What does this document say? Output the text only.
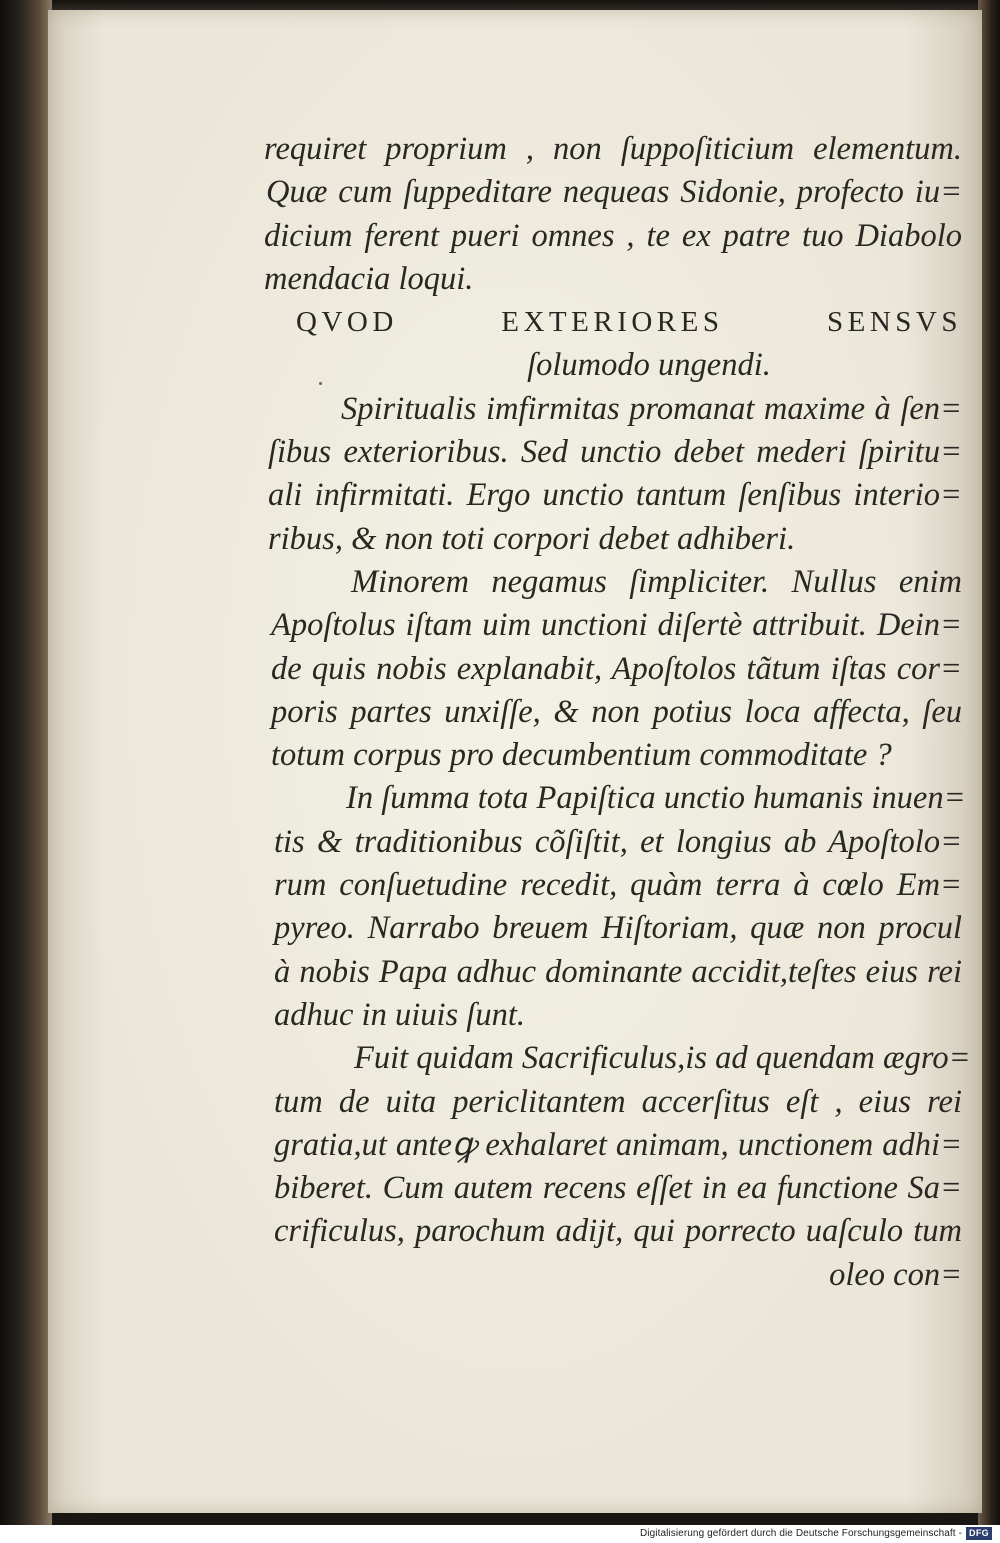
requiret proprium , non ſuppoſiticium elementum.
Quæ cum ſuppeditare nequeas Sidonie, profecto iu=
dicium ferent pueri omnes , te ex patre tuo Diabolo
mendacia loqui.
QVOD EXTERIORES SENSVS
ſolumodo ungendi.
Spiritualis imfirmitas promanat maxime à ſen=
ſibus exterioribus. Sed unctio debet mederi ſpiritu=
ali infirmitati. Ergo unctio tantum ſenſibus interio=
ribus, & non toti corpori debet adhiberi.
Minorem negamus ſimpliciter. Nullus enim
Apoſtolus iſtam uim unctioni diſertè attribuit. Dein=
de quis nobis explanabit, Apoſtolos tãtum iſtas cor=
poris partes unxiſſe, & non potius loca affecta, ſeu
totum corpus pro decumbentium commoditate ?
In ſumma tota Papiſtica unctio humanis inuen=
tis & traditionibus cõſiſtit, et longius ab Apoſtolo=
rum conſuetudine recedit, quàm terra à cœlo Em=
pyreo. Narrabo breuem Hiſtoriam, quæ non procul
à nobis Papa adhuc dominante accidit,teſtes eius rei
adhuc in uiuis ſunt.
Fuit quidam Sacrificulus,is ad quendam ægro=
tum de uita periclitantem accerſitus eſt , eius rei
gratia,ut anteꝙ exhalaret animam, unctionem adhi=
biberet. Cum autem recens eſſet in ea functione Sa=
crificulus, parochum adijt, qui porrecto uaſculo tum
oleo con=
Digitalisierung gefördert durch die Deutsche Forschungsgemeinschaft - DFG
